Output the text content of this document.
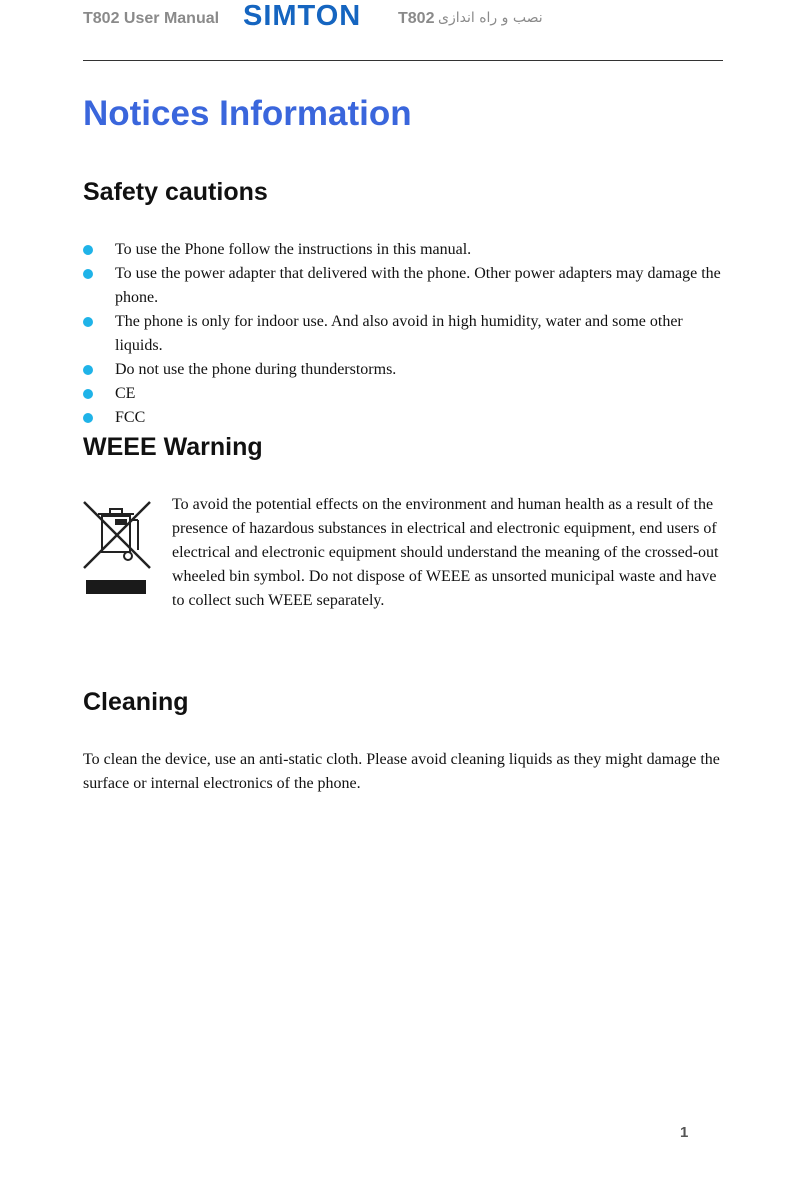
T802 User Manual SIMTON T802 نصب و راه اندازی
Notices Information
Safety cautions
To use the Phone follow the instructions in this manual.
To use the power adapter that delivered with the phone. Other power adapters may damage the phone.
The phone is only for indoor use. And also avoid in high humidity, water and some other liquids.
Do not use the phone during thunderstorms.
CE
FCC
WEEE Warning

To avoid the potential effects on the environment and human health as a result of the presence of hazardous substances in electrical and electronic equipment, end users of electrical and electronic equipment should understand the meaning of the crossed-out wheeled bin symbol. Do not dispose of WEEE as unsorted municipal waste and have to collect such WEEE separately.

Cleaning

To clean the device, use an anti-static cloth. Please avoid cleaning liquids as they might damage the surface or internal electronics of the phone.

1
